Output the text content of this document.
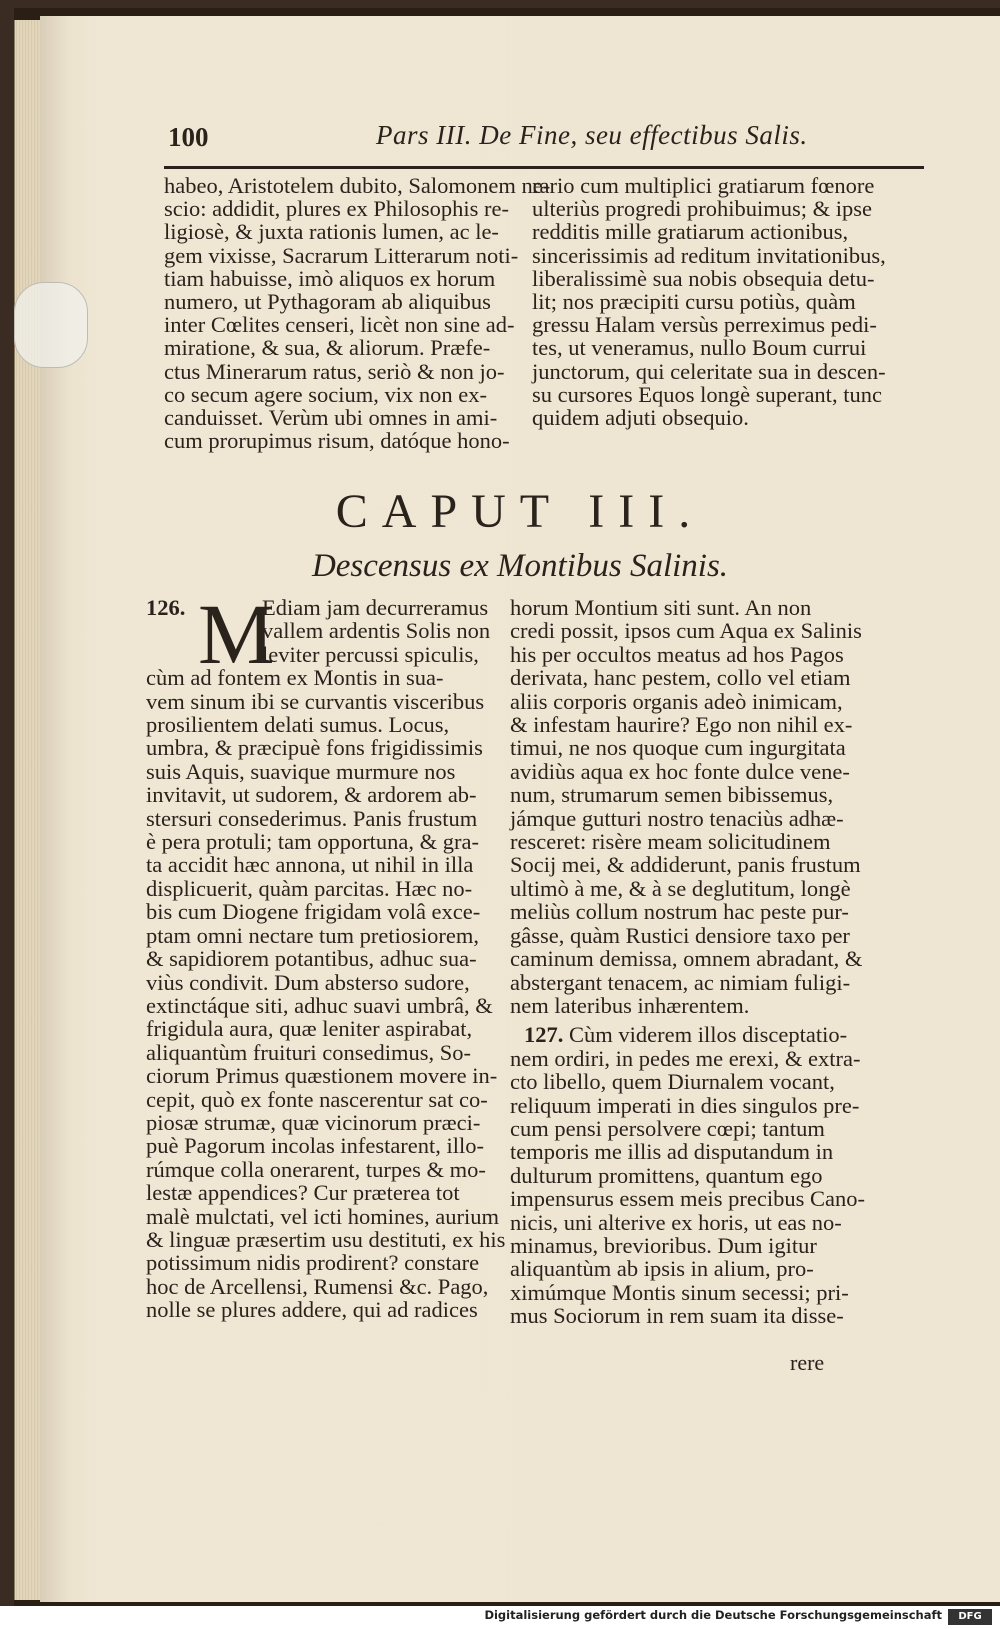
100	Pars III. De Fine, seu effectibus Salis.

habeo, Aristotelem dubito, Salomonem ne-

scio: addidit, plures ex Philosophis re-

ligiosè, & juxta rationis lumen, ac le-

gem vixisse, Sacrarum Litterarum noti-

tiam habuisse, imò aliquos ex horum

numero, ut Pythagoram ab aliquibus

inter Cœlites censeri, licèt non sine ad-

miratione, & sua, & aliorum. Præfe-

ctus Minerarum ratus, seriò & non jo-

co secum agere socium, vix non ex-

canduisset. Verùm ubi omnes in ami-

cum prorupimus risum, datóque hono-

rario cum multiplici gratiarum fœnore

ulteriùs progredi prohibuimus; & ipse

redditis mille gratiarum actionibus,

sincerissimis ad reditum invitationibus,

liberalissimè sua nobis obsequia detu-

lit; nos præcipiti cursu potiùs, quàm

gressu Halam versùs perreximus pedi-

tes, ut veneramus, nullo Boum currui

junctorum, qui celeritate sua in descen-

su cursores Equos longè superant, tunc

quidem adjuti obsequio.

CAPUT III.
Descensus ex Montibus Salinis.
M

126.	Ediam jam decurreramus

vallem ardentis Solis non

leviter percussi spiculis,

cùm ad fontem ex Montis in sua-

vem sinum ibi se curvantis visceribus

prosilientem delati sumus. Locus,

umbra, & præcipuè fons frigidissimis

suis Aquis, suavique murmure nos

invitavit, ut sudorem, & ardorem ab-

stersuri consederimus. Panis frustum

è pera protuli; tam opportuna, & gra-

ta accidit hæc annona, ut nihil in illa

displicuerit, quàm parcitas. Hæc no-

bis cum Diogene frigidam volâ exce-

ptam omni nectare tum pretiosiorem,

& sapidiorem potantibus, adhuc sua-

viùs condivit. Dum absterso sudore,

extinctáque siti, adhuc suavi umbrâ, &

frigidula aura, quæ leniter aspirabat,

aliquantùm fruituri consedimus, So-

ciorum Primus quæstionem movere in-

cepit, quò ex fonte nascerentur sat co-

piosæ strumæ, quæ vicinorum præci-

puè Pagorum incolas infestarent, illo-

rúmque colla onerarent, turpes & mo-

lestæ appendices? Cur præterea tot

malè mulctati, vel icti homines, aurium

& linguæ præsertim usu destituti, ex his

potissimum nidis prodirent? constare

hoc de Arcellensi, Rumensi &c. Pago,

nolle se plures addere, qui ad radices

horum Montium siti sunt. An non

credi possit, ipsos cum Aqua ex Salinis

his per occultos meatus ad hos Pagos

derivata, hanc pestem, collo vel etiam

aliis corporis organis adeò inimicam,

& infestam haurire? Ego non nihil ex-

timui, ne nos quoque cum ingurgitata

avidiùs aqua ex hoc fonte dulce vene-

num, strumarum semen bibissemus,

jámque gutturi nostro tenaciùs adhæ-

resceret: risère meam solicitudinem

Socij mei, & addiderunt, panis frustum

ultimò à me, & à se deglutitum, longè

meliùs collum nostrum hac peste pur-

gâsse, quàm Rustici densiore taxo per

caminum demissa, omnem abradant, &

abstergant tenacem, ac nimiam fuligi-

nem lateribus inhærentem.

127. Cùm viderem illos disceptatio-

nem ordiri, in pedes me erexi, & extra-

cto libello, quem Diurnalem vocant,

reliquum imperati in dies singulos pre-

cum pensi persolvere cœpi; tantum

temporis me illis ad disputandum in

dulturum promittens, quantum ego

impensurus essem meis precibus Cano-

nicis, uni alterive ex horis, ut eas no-

minamus, brevioribus. Dum igitur

aliquantùm ab ipsis in alium, pro-

ximúmque Montis sinum secessi; pri-

mus Sociorum in rem suam ita disse-

rere
Digitalisierung gefördert durch die Deutsche Forschungsgemeinschaft	DFG
